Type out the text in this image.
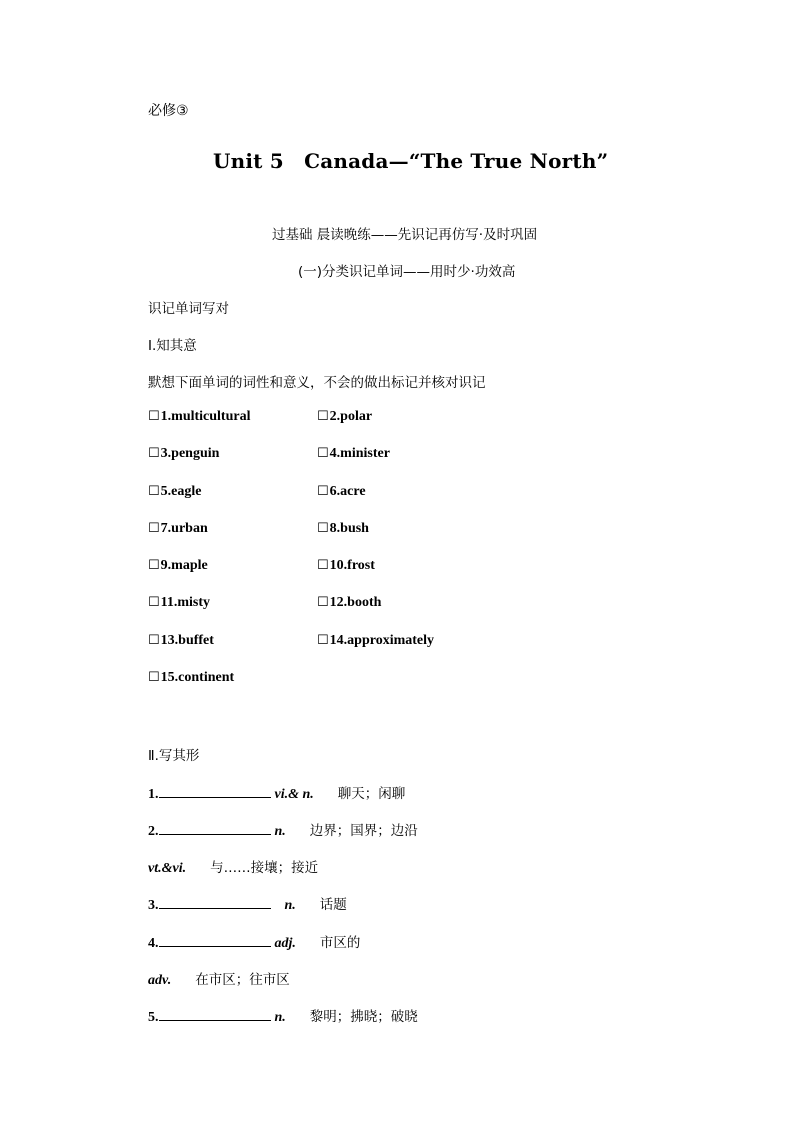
必修③
Unit 5　Canada—“The True North”
过基础 晨读晚练——先识记再仿写·及时巩固
(一)分类识记单词——用时少·功效高
识记单词写对
Ⅰ.知其意
默想下面单词的词性和意义，不会的做出标记并核对识记
☐1.multicultural	☐2.polar
☐3.penguin	☐4.minister
☐5.eagle	☐6.acre
☐7.urban	☐8.bush
☐9.maple	☐10.frost
☐11.misty	☐12.booth
☐13.buffet	☐14.approximately
☐15.continent
Ⅱ.写其形
1.	vi.& n. 聊天；闲聊
2.	n. 边界；国界；边沿
vt.&vi. 与……接壤；接近
3.	n. 话题
4.	adj. 市区的
adv. 在市区；往市区
5.	n. 黎明；拂晓；破晓
